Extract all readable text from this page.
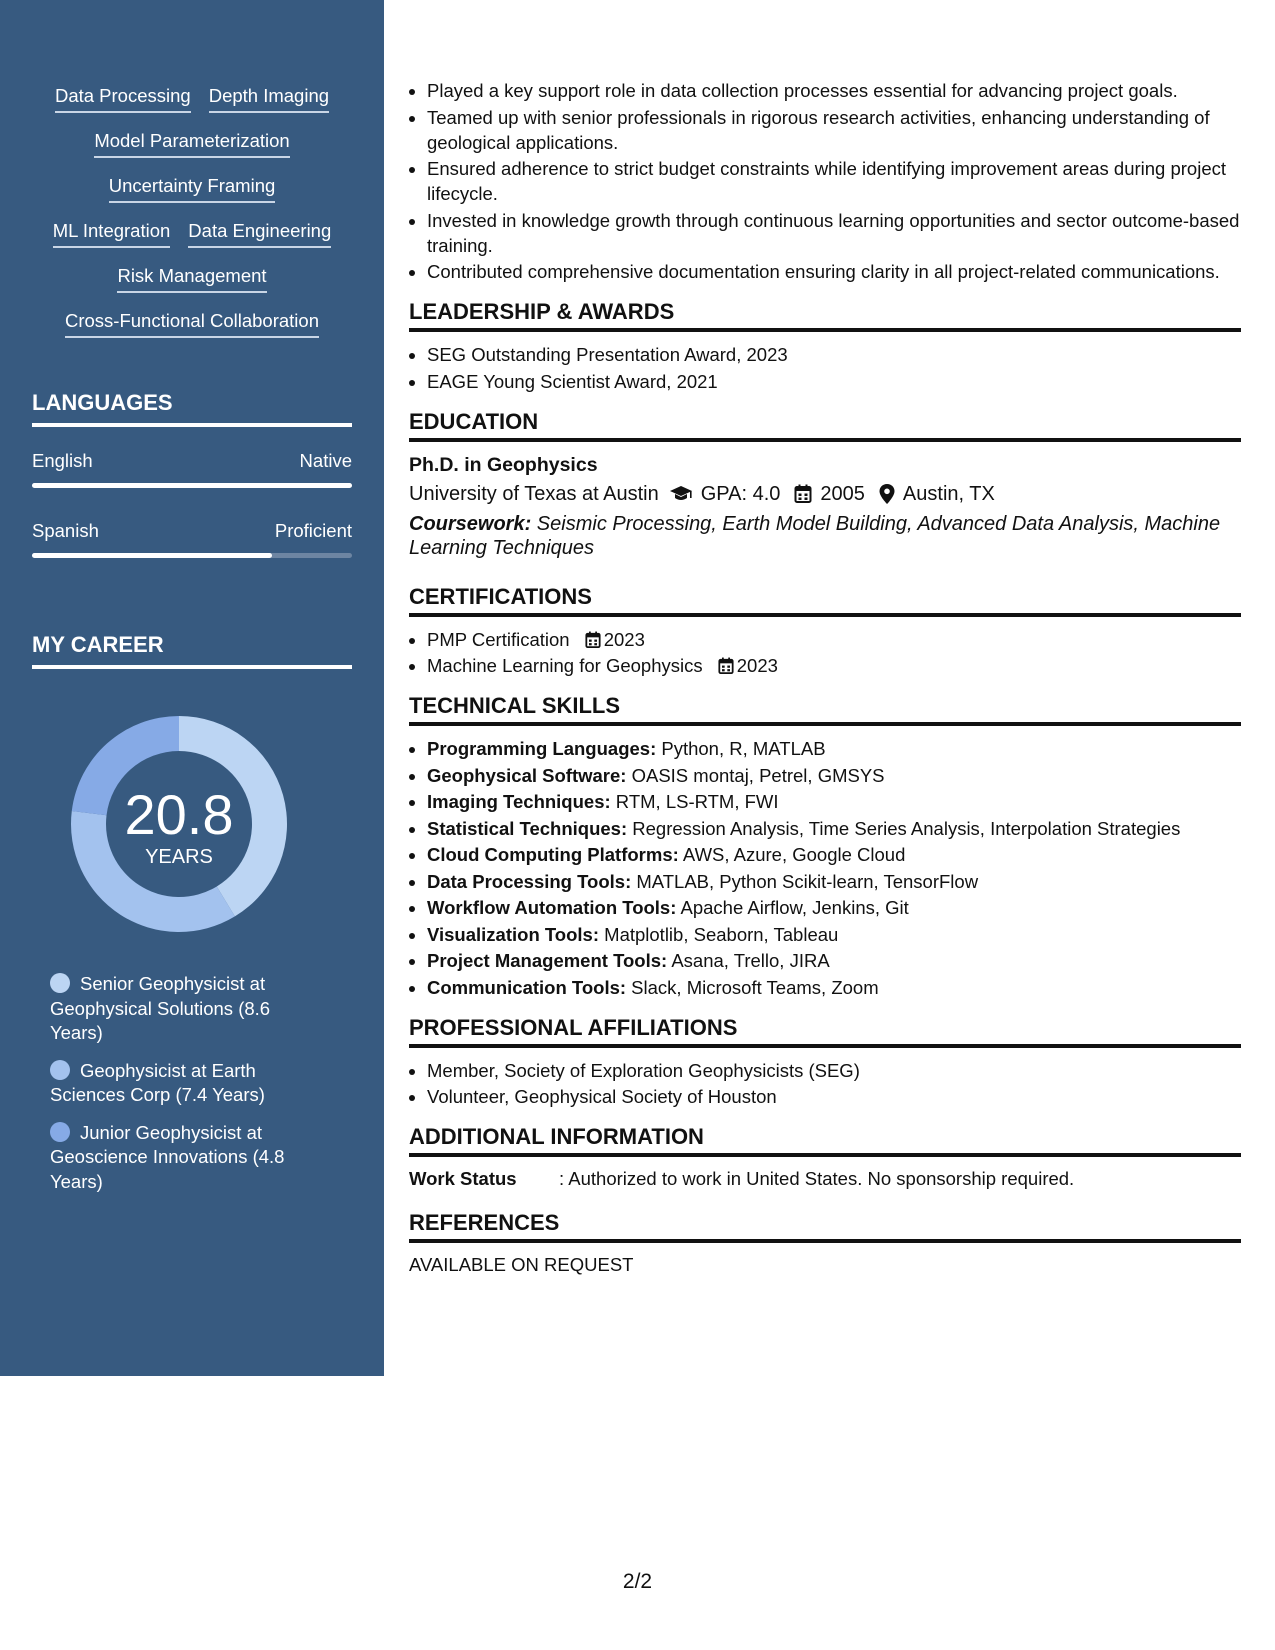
Data Processing Depth Imaging
Model Parameterization
Uncertainty Framing
ML Integration Data Engineering
Risk Management
Cross-Functional Collaboration
LANGUAGES
English	Native
Spanish	Proficient
MY CAREER
20.8
YEARS
Senior Geophysicist at Geophysical Solutions (8.6 Years)
Geophysicist at Earth Sciences Corp (7.4 Years)
Junior Geophysicist at Geoscience Innovations (4.8 Years)
• Played a key support role in data collection processes essential for advancing project goals.
• Teamed up with senior professionals in rigorous research activities, enhancing understanding of geological applications.
• Ensured adherence to strict budget constraints while identifying improvement areas during project lifecycle.
• Invested in knowledge growth through continuous learning opportunities and sector outcome-based training.
• Contributed comprehensive documentation ensuring clarity in all project-related communications.
LEADERSHIP & AWARDS
• SEG Outstanding Presentation Award, 2023
• EAGE Young Scientist Award, 2021
EDUCATION
Ph.D. in Geophysics
University of Texas at Austin GPA: 4.0 2005 Austin, TX
Coursework: Seismic Processing, Earth Model Building, Advanced Data Analysis, Machine Learning Techniques
CERTIFICATIONS
• PMP Certification 2023
• Machine Learning for Geophysics 2023
TECHNICAL SKILLS
• Programming Languages: Python, R, MATLAB
• Geophysical Software: OASIS montaj, Petrel, GMSYS
• Imaging Techniques: RTM, LS-RTM, FWI
• Statistical Techniques: Regression Analysis, Time Series Analysis, Interpolation Strategies
• Cloud Computing Platforms: AWS, Azure, Google Cloud
• Data Processing Tools: MATLAB, Python Scikit-learn, TensorFlow
• Workflow Automation Tools: Apache Airflow, Jenkins, Git
• Visualization Tools: Matplotlib, Seaborn, Tableau
• Project Management Tools: Asana, Trello, JIRA
• Communication Tools: Slack, Microsoft Teams, Zoom
PROFESSIONAL AFFILIATIONS
• Member, Society of Exploration Geophysicists (SEG)
• Volunteer, Geophysical Society of Houston
ADDITIONAL INFORMATION
Work Status	: Authorized to work in United States. No sponsorship required.
REFERENCES
AVAILABLE ON REQUEST
2/2
